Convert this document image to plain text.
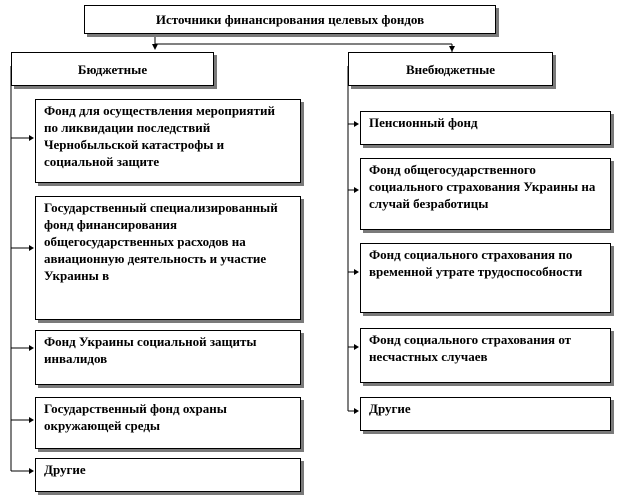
Источники финансирования целевых фондов
Бюджетные	Внебюджетные
Фонд для осуществления мероприятий по ликвидации последствий Чернобыльской катастрофы и социальной защите
Государственный специализированный фонд финансирования общегосударственных расходов на авиационную деятельность и участие Украины в
Фонд Украины социальной защиты инвалидов
Государственный фонд охраны окружающей среды
Другие
Пенсионный фонд
Фонд общегосударственного социального страхования Украины на случай безработицы
Фонд социального страхования по временной утрате трудоспособности
Фонд социального страхования от несчастных случаев
Другие
